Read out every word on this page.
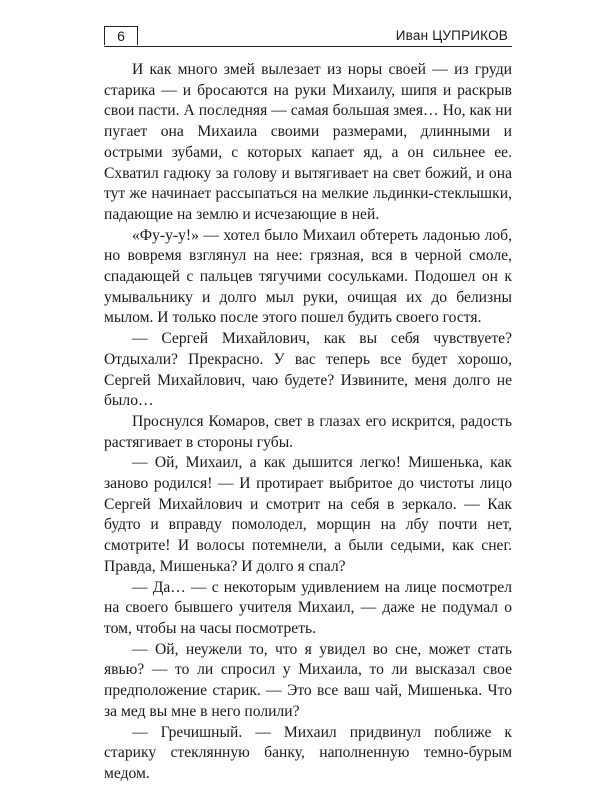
6	Иван ЦУПРИКОВ

И как много змей вылезает из норы своей — из груди старика — и бросаются на руки Михаилу, шипя и раскрыв свои пасти. А последняя — самая большая змея… Но, как ни пугает она Михаила своими размерами, длинными и острыми зубами, с которых капает яд, а он сильнее ее. Схватил гадюку за голову и вытягивает на свет божий, и она тут же начинает рассыпаться на мелкие льдинки-стеклышки, падающие на землю и исчезающие в ней.

«Фу-у-у!» — хотел было Михаил обтереть ладонью лоб, но вовремя взглянул на нее: грязная, вся в черной смоле, спадающей с пальцев тягучими сосульками. Подошел он к умывальнику и долго мыл руки, очищая их до белизны мылом. И только после этого пошел будить своего гостя.

— Сергей Михайлович, как вы себя чувствуете? Отдыхали? Прекрасно. У вас теперь все будет хорошо, Сергей Михайлович, чаю будете? Извините, меня долго не было…

Проснулся Комаров, свет в глазах его искрится, радость растягивает в стороны губы.

— Ой, Михаил, а как дышится легко! Мишенька, как заново родился! — И протирает выбритое до чистоты лицо Сергей Михайлович и смотрит на себя в зеркало. — Как будто и вправду помолодел, морщин на лбу почти нет, смотрите! И волосы потемнели, а были седыми, как снег. Правда, Мишенька? И долго я спал?

— Да… — с некоторым удивлением на лице посмотрел на своего бывшего учителя Михаил, — даже не подумал о том, чтобы на часы посмотреть.

— Ой, неужели то, что я увидел во сне, может стать явью? — то ли спросил у Михаила, то ли высказал свое предположение старик. — Это все ваш чай, Мишенька. Что за мед вы мне в него полили?

— Гречишный. — Михаил придвинул поближе к старику стеклянную банку, наполненную темно-бурым медом.
